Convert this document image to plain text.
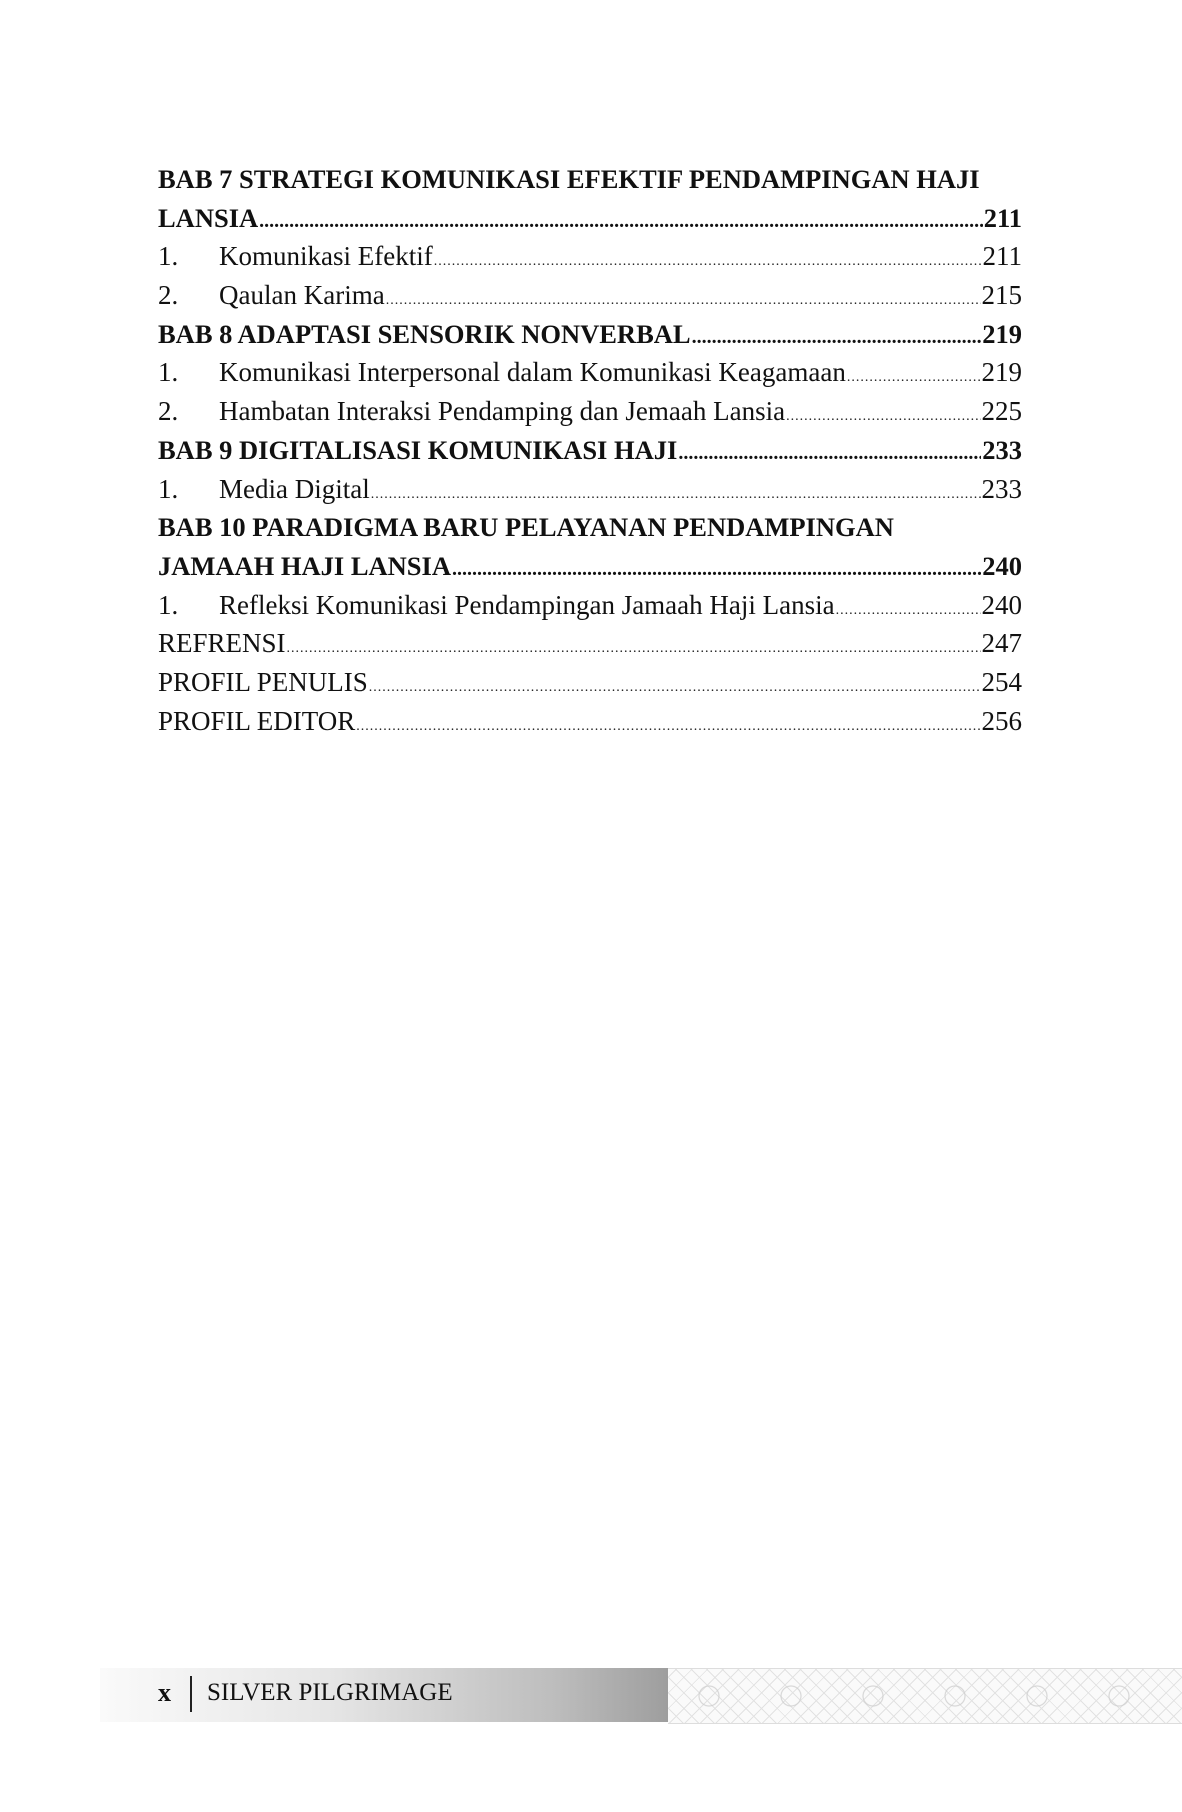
BAB 7 STRATEGI KOMUNIKASI EFEKTIF PENDAMPINGAN HAJI
LANSIA .....	211
1.	Komunikasi Efektif .....	211
2.	Qaulan Karima .....	215
BAB 8 ADAPTASI SENSORIK NONVERBAL .....	219
1.	Komunikasi Interpersonal dalam Komunikasi Keagamaan .....	219
2.	Hambatan Interaksi Pendamping dan Jemaah Lansia .....	225
BAB 9 DIGITALISASI KOMUNIKASI HAJI .....	233
1.	Media Digital .....	233
BAB 10 PARADIGMA BARU PELAYANAN PENDAMPINGAN
JAMAAH HAJI LANSIA .....	240
1.	Refleksi Komunikasi Pendampingan Jamaah Haji Lansia .....	240
REFRENSI .....	247
PROFIL PENULIS .....	254
PROFIL EDITOR .....	256
x SILVER PILGRIMAGE
